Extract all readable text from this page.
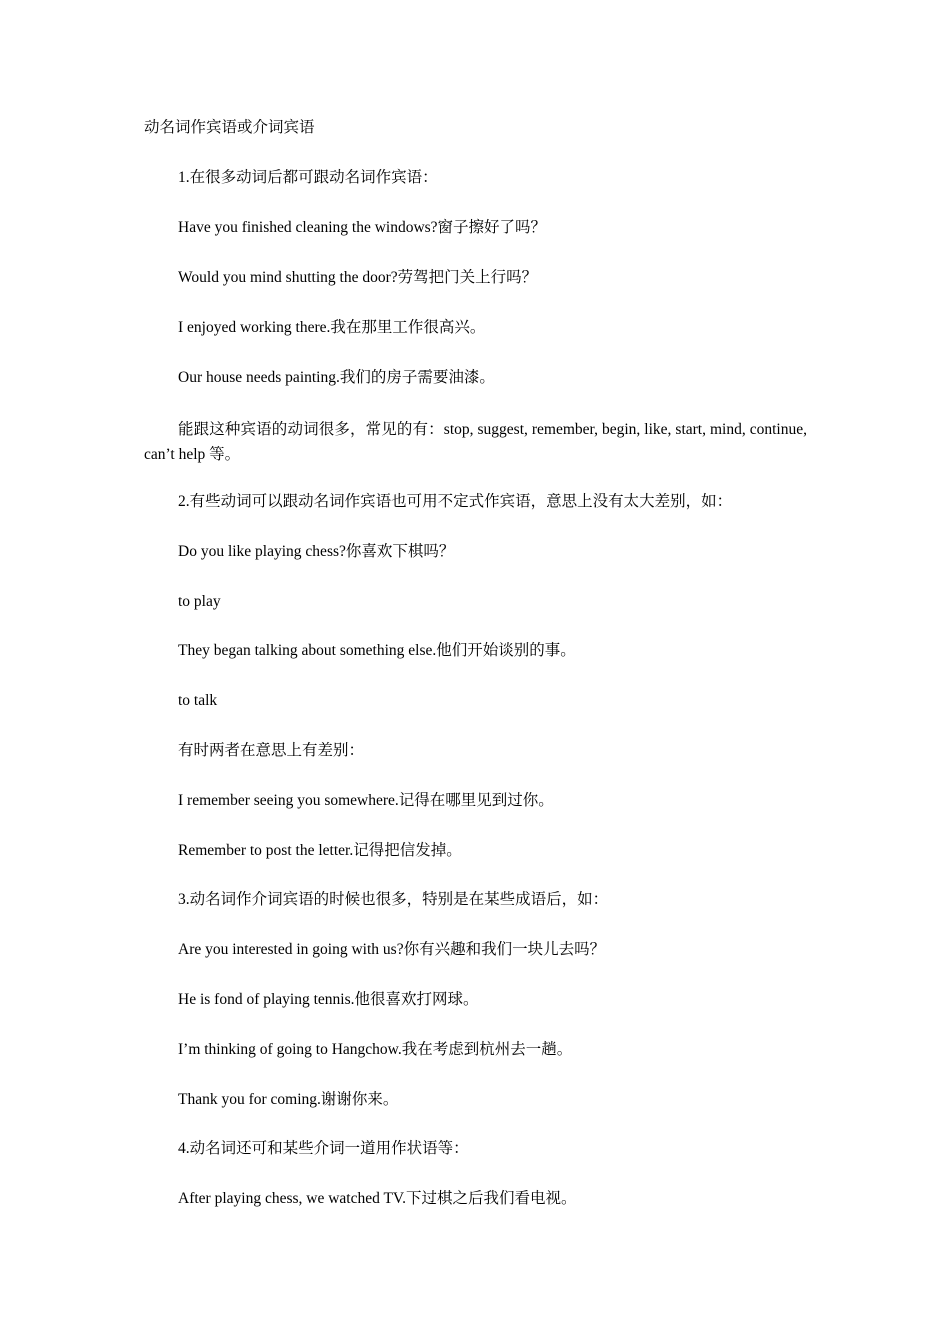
动名词作宾语或介词宾语
1.在很多动词后都可跟动名词作宾语：
Have you finished cleaning the windows?窗子擦好了吗？
Would you mind shutting the door?劳驾把门关上行吗？
I enjoyed working there.我在那里工作很高兴。
Our house needs painting.我们的房子需要油漆。
能跟这种宾语的动词很多，常见的有：stop, suggest, remember, begin, like, start, mind, continue, can’t help 等。
2.有些动词可以跟动名词作宾语也可用不定式作宾语，意思上没有太大差别，如：
Do you like playing chess?你喜欢下棋吗？
to play
They began talking about something else.他们开始谈别的事。
to talk
有时两者在意思上有差别：
I remember seeing you somewhere.记得在哪里见到过你。
Remember to post the letter.记得把信发掉。
3.动名词作介词宾语的时候也很多，特别是在某些成语后，如：
Are you interested in going with us?你有兴趣和我们一块儿去吗？
He is fond of playing tennis.他很喜欢打网球。
I’m thinking of going to Hangchow.我在考虑到杭州去一趟。
Thank you for coming.谢谢你来。
4.动名词还可和某些介词一道用作状语等：
After playing chess, we watched TV.下过棋之后我们看电视。
